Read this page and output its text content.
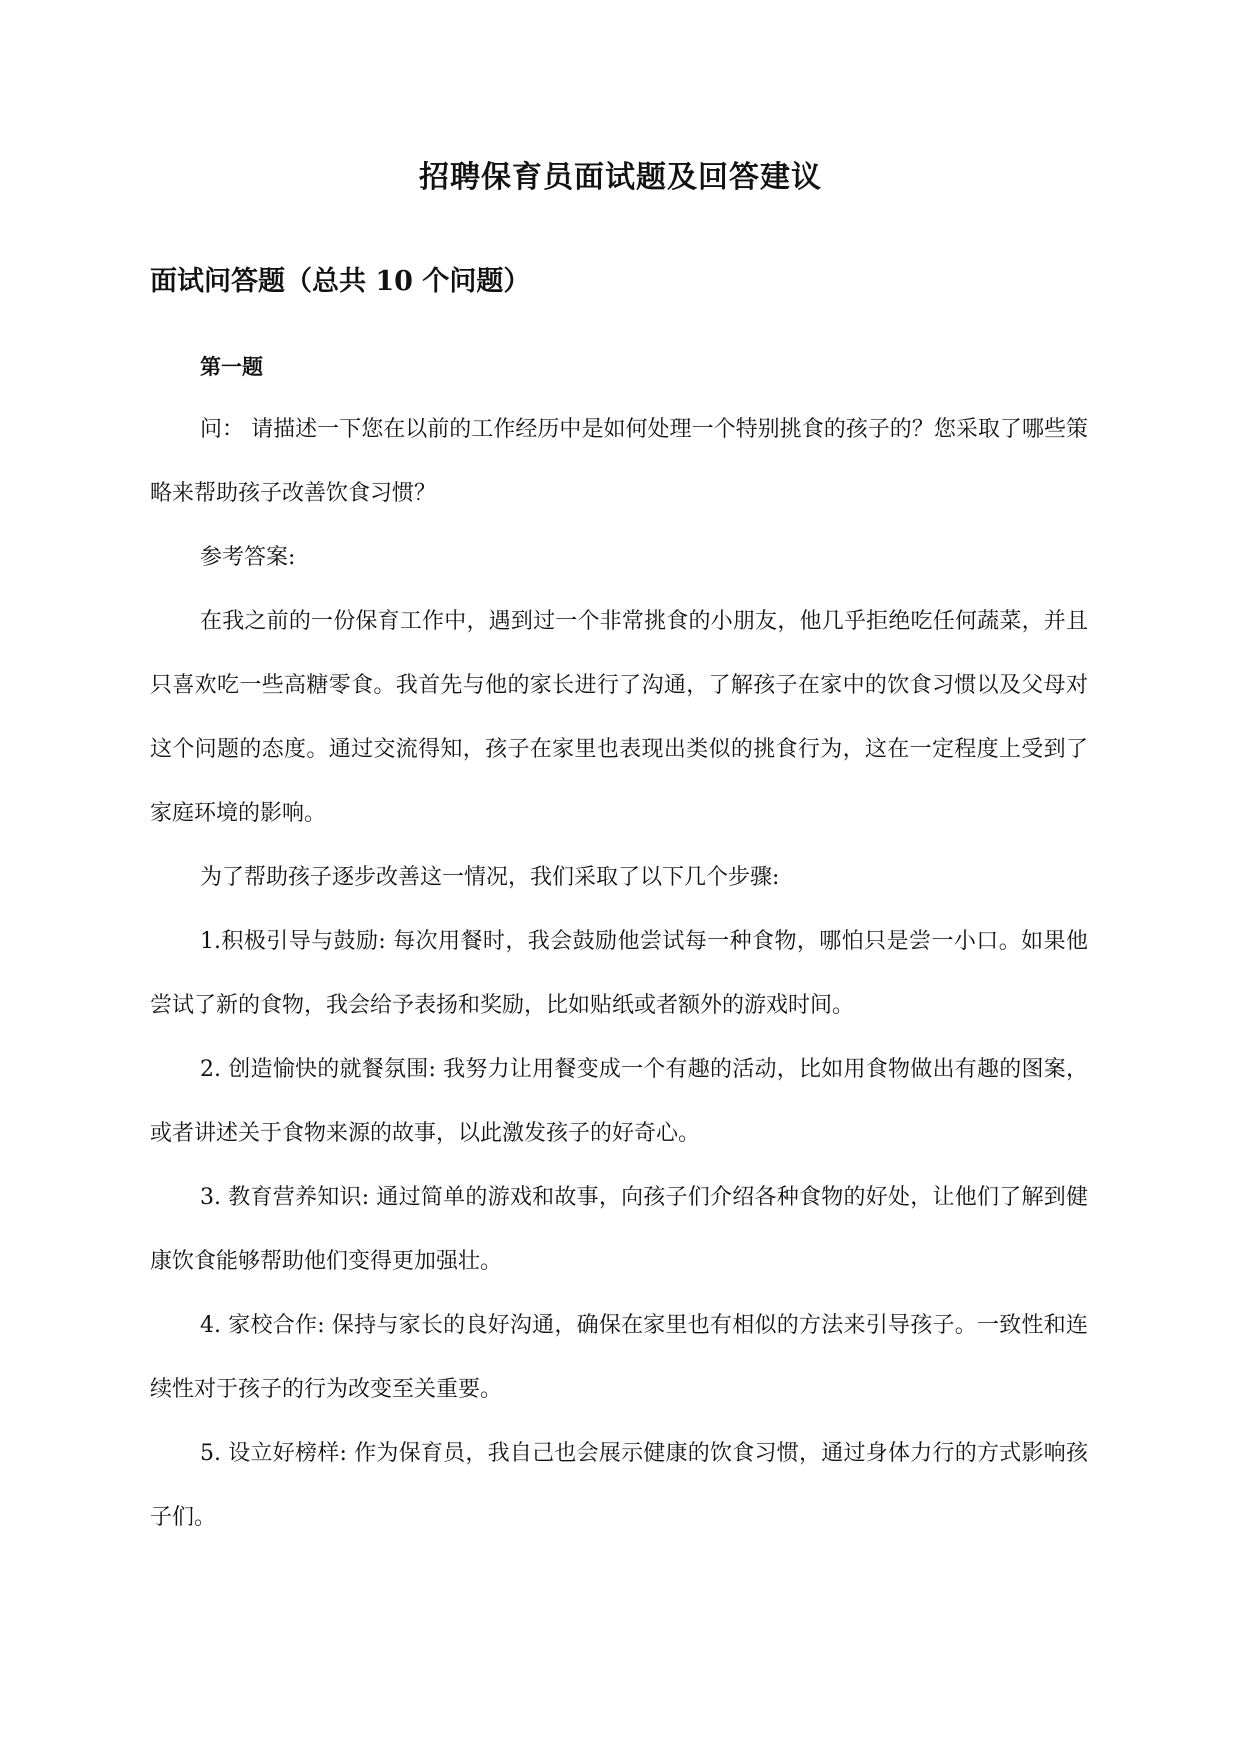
招聘保育员面试题及回答建议
面试问答题（总共 10 个问题）
第一题

问： 请描述一下您在以前的工作经历中是如何处理一个特别挑食的孩子的？您采取了哪些策略来帮助孩子改善饮食习惯？

参考答案:

在我之前的一份保育工作中，遇到过一个非常挑食的小朋友，他几乎拒绝吃任何蔬菜，并且只喜欢吃一些高糖零食。我首先与他的家长进行了沟通，了解孩子在家中的饮食习惯以及父母对这个问题的态度。通过交流得知，孩子在家里也表现出类似的挑食行为，这在一定程度上受到了家庭环境的影响。

为了帮助孩子逐步改善这一情况，我们采取了以下几个步骤:

1.积极引导与鼓励: 每次用餐时，我会鼓励他尝试每一种食物，哪怕只是尝一小口。如果他尝试了新的食物，我会给予表扬和奖励，比如贴纸或者额外的游戏时间。

2. 创造愉快的就餐氛围: 我努力让用餐变成一个有趣的活动，比如用食物做出有趣的图案，或者讲述关于食物来源的故事，以此激发孩子的好奇心。

3. 教育营养知识: 通过简单的游戏和故事，向孩子们介绍各种食物的好处，让他们了解到健康饮食能够帮助他们变得更加强壮。

4. 家校合作: 保持与家长的良好沟通，确保在家里也有相似的方法来引导孩子。一致性和连续性对于孩子的行为改变至关重要。

5. 设立好榜样: 作为保育员，我自己也会展示健康的饮食习惯，通过身体力行的方式影响孩子们。
